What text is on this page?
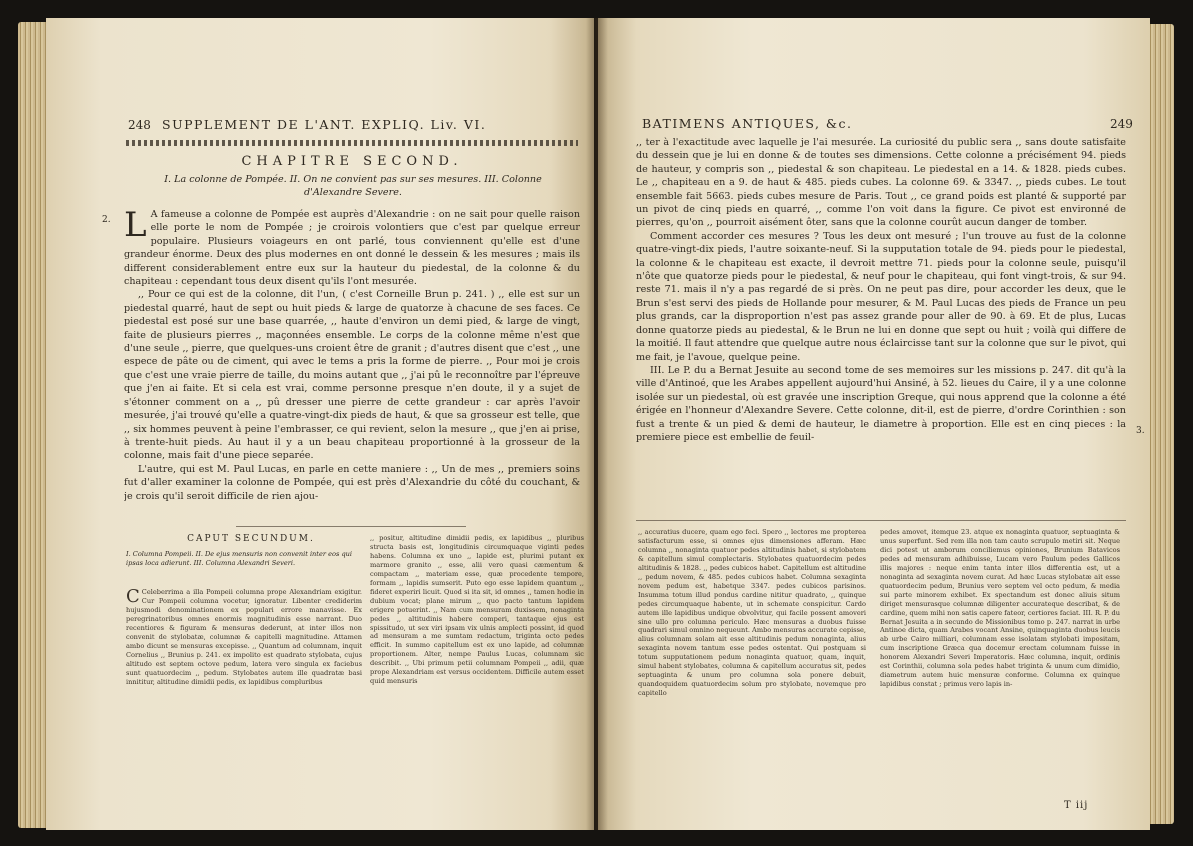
248 SUPPLEMENT DE L'ANT. EXPLIQ. Liv. VI.
CHAPITRE SECOND.
I. La colonne de Pompée. II. On ne convient pas sur ses mesures. III. Colonne d'Alexandre Severe.
2. L A fameuse a colonne de Pompée est auprès d'Alexandrie : on ne sait pour quelle raison elle porte le nom de Pompée ; je croirois volontiers que c'est par quelque erreur populaire. Plusieurs voiageurs en ont parlé, tous conviennent qu'elle est d'une grandeur énorme. Deux des plus modernes en ont donné le dessein & les mesures ; mais ils different considerablement entre eux sur la hauteur du piedestal, de la colonne & du chapiteau : cependant tous deux disent qu'ils l'ont mesurée.

,, Pour ce qui est de la colonne, dit l'un, ( c'est Corneille Brun p. 241. ) ,, elle est sur un piedestal quarré, haut de sept ou huit pieds & large de quatorze à chacune de ses faces. Ce piedestal est posé sur une base quarrée, ,, haute d'environ un demi pied, & large de vingt, faite de plusieurs pierres ,, maçonnées ensemble. Le corps de la colonne même n'est que d'une seule ,, pierre, que quelques-uns croient être de granit ; d'autres disent que c'est ,, une espece de pâte ou de ciment, qui avec le tems a pris la forme de pierre. ,, Pour moi je crois que c'est une vraie pierre de taille, du moins autant que ,, j'ai pû le reconnoître par l'épreuve que j'en ai faite. Et si cela est vrai, comme personne presque n'en doute, il y a sujet de s'étonner comment on a ,, pû dresser une pierre de cette grandeur : car après l'avoir mesurée, j'ai trouvé qu'elle a quatre-vingt-dix pieds de haut, & que sa grosseur est telle, que ,, six hommes peuvent à peine l'embrasser, ce qui revient, selon la mesure ,, que j'en ai prise, à trente-huit pieds. Au haut il y a un beau chapiteau proportionné à la grosseur de la colonne, mais fait d'une piece separée.

L'autre, qui est M. Paul Lucas, en parle en cette maniere : ,, Un de mes ,, premiers soins fut d'aller examiner la colonne de Pompée, qui est près d'Alexandrie du côté du couchant, & je crois qu'il seroit difficile de rien ajou-

CAPUT SECUNDUM.
I. Columna Pompeii. II. De ejus mensuris non convenit inter eos qui ipsas loca adierunt. III. Columna Alexandri Severi.

C Celeberrima a illa Pompeii columna prope Alexandriam exigitur. Cur Pompeii columna vocetur, ignoratur. Libenter crediderim hujusmodi denominationem ex populari errore manavisse. Ex peregrinatoribus omnes enormis magnitudinis esse narrant. Duo recentiores & figuram & mensuras dederunt, at inter illos non convenit de stylobatæ, columnæ & capitelli magnitudine. Attamen ambo dicunt se mensuras excepisse. ,, Quantum ad columnam, inquit Cornelius ,, Brunius p. 241. ex impolito est quadrato stylobata, cujus altitudo est septem octove pedum, latera vero singula ex faciebus sunt quatuordecim ,, pedum. Stylobates autem ille quadratæ basi innititur, altitudine dimidii pedis, ex lapidibus compluribus

,, positur, altitudine dimidii pedis, ex lapidibus ,, pluribus structa basis est, longitudinis circumquaque viginti pedes habens. Columna ex uno ,, lapide est, plurimi putant ex marmore granito ,, esse, alii vero quasi cæmentum & compactam ,, materiam esse, quæ procedente tempore, formam ,, lapidis sumserit. Puto ego esse lapidem quantum ,, fideret experiri licuit. Quod si ita sit, id omnes ,, tamen hodie in dubium vocat; plane mirum ,, quo pacto tantum lapidem erigere potuerint. ,, Nam cum mensuram duxissem, nonaginta pedes ,, altitudinis habere comperi, tantaque ejus est spissitudo, ut sex viri ipsam vix ulnis amplecti possint, id quod ad mensuram a me sumtam redactum, triginta octo pedes efficit. In summo capitellum est ex uno lapide, ad columnæ proportionem. Alter, nempe Paulus Lucas, columnam sic describit. ,, Ubi primum petii columnam Pompeii ,, adii, quæ prope Alexandriam est versus occidentem. Difficile autem esset quid mensuris

BATIMENS ANTIQUES, &c.	249
3.

,, ter à l'exactitude avec laquelle je l'ai mesurée. La curiosité du public sera ,, sans doute satisfaite du dessein que je lui en donne & de toutes ses dimensions. Cette colonne a précisément 94. pieds de hauteur, y compris son ,, piedestal & son chapiteau. Le piedestal en a 14. & 1828. pieds cubes. Le ,, chapiteau en a 9. de haut & 485. pieds cubes. La colonne 69. & 3347. ,, pieds cubes. Le tout ensemble fait 5663. pieds cubes mesure de Paris. Tout ,, ce grand poids est planté & supporté par un pivot de cinq pieds en quarré, ,, comme l'on voit dans la figure. Ce pivot est environné de pierres, qu'on ,, pourroit aisément ôter, sans que la colonne courût aucun danger de tomber.

Comment accorder ces mesures ? Tous les deux ont mesuré ; l'un trouve au fust de la colonne quatre-vingt-dix pieds, l'autre soixante-neuf. Si la supputation totale de 94. pieds pour le piedestal, la colonne & le chapiteau est exacte, il devroit mettre 71. pieds pour la colonne seule, puisqu'il n'ôte que quatorze pieds pour le piedestal, & neuf pour le chapiteau, qui font vingt-trois, & sur 94. reste 71. mais il n'y a pas regardé de si près. On ne peut pas dire, pour accorder les deux, que le Brun s'est servi des pieds de Hollande pour mesurer, & M. Paul Lucas des pieds de France un peu plus grands, car la disproportion n'est pas assez grande pour aller de 90. à 69. Et de plus, Lucas donne quatorze pieds au piedestal, & le Brun ne lui en donne que sept ou huit ; voilà qui differe de la moitié. Il faut attendre que quelque autre nous éclaircisse tant sur la colonne que sur le pivot, qui me fait, je l'avoue, quelque peine.

III. Le P. du a Bernat Jesuite au second tome de ses memoires sur les missions p. 247. dit qu'à la ville d'Antinoé, que les Arabes appellent aujourd'hui Ansiné, à 52. lieues du Caire, il y a une colonne isolée sur un piedestal, où est gravée une inscription Greque, qui nous apprend que la colonne a été érigée en l'honneur d'Alexandre Severe. Cette colonne, dit-il, est de pierre, d'ordre Corinthien : son fust a trente & un pied & demi de hauteur, le diametre à proportion. Elle est en cinq pieces : la premiere piece est embellie de feuil-

,, accuratius ducere, quam ego feci. Spero ,, lectores me propterea satisfacturum esse, si omnes ejus dimensiones afferam. Hæc columna ,, nonaginta quatuor pedes altitudinis habet, si stylobatem & capitellum simul complectaris. Stylobates quatuordecim pedes altitudinis & 1828. ,, pedes cubicos habet. Capitellum est altitudine ,, pedum novem, & 485. pedes cubicos habet. Columna sexaginta novem pedum est, habetque 3347. pedes cubicos parisinos. Insumma totum illud pondus cardine nititur quadrato, ,, quinque pedes circumquaque habente, ut in schemate conspicitur. Cardo autem ille lapidibus undique obvolvitur, qui facile possent amoveri sine ullo pro columna periculo. Hæc mensuras a duobus fuisse quadrari simul omnino nequeunt. Ambo mensuras accurate cepisse, alius columnam solam ait esse altitudinis pedum nonaginta, alius sexaginta novem tantum esse pedes ostentat. Qui postquam si totum supputationem pedum nonaginta quatuor, quam, inquit, simul habent stylobates, columna & capitellum accuratus sit, pedes septuaginta & unum pro columna sola ponere debuit, quandoquidem quatuordecim solum pro stylobate, novemque pro capitello

pedes amovet, itemque 23. atque ex nonaginta quatuor, septuaginta & unus superfunt. Sed rem illa non tam cauto scrupulo metiri sit. Neque dici potest ut amborum conciliemus opiniones, Brunium Batavicos pedes ad mensuram adhibuisse, Lucam vero Paulum pedes Gallicos illis majores : neque enim tanta inter illos differentia est, ut a nonaginta ad sexaginta novem curat. Ad hæc Lucas stylobatæ ait esse quatuordecim pedum, Brunius vero septem vel octo pedum, & media sui parte minorem exhibet. Ex spectandum est donec aliuis situm diriget mensurasque columnæ diligenter accurateque describat, & de cardine, quem mihi non satis capere fateor, certiores faciat. III. R. P. du Bernat Jesuita a in secundo de Missionibus tomo p. 247. narrat in urbe Antinoe dicta, quam Arabes vocant Ansine, quinquaginta duobus leucis ab urbe Cairo milliari, columnam esse isolatam stylobati impositam, cum inscriptione Græca qua docemur erectam columnam fuisse in honorem Alexandri Severi Imperatoris. Hæc columna, inquit, ordinis est Corinthii, columna sola pedes habet triginta & unum cum dimidio, diametrum autem huic mensuræ conforme. Columna ex quinque lapidibus constat ; primus vero lapis in-

T iij
